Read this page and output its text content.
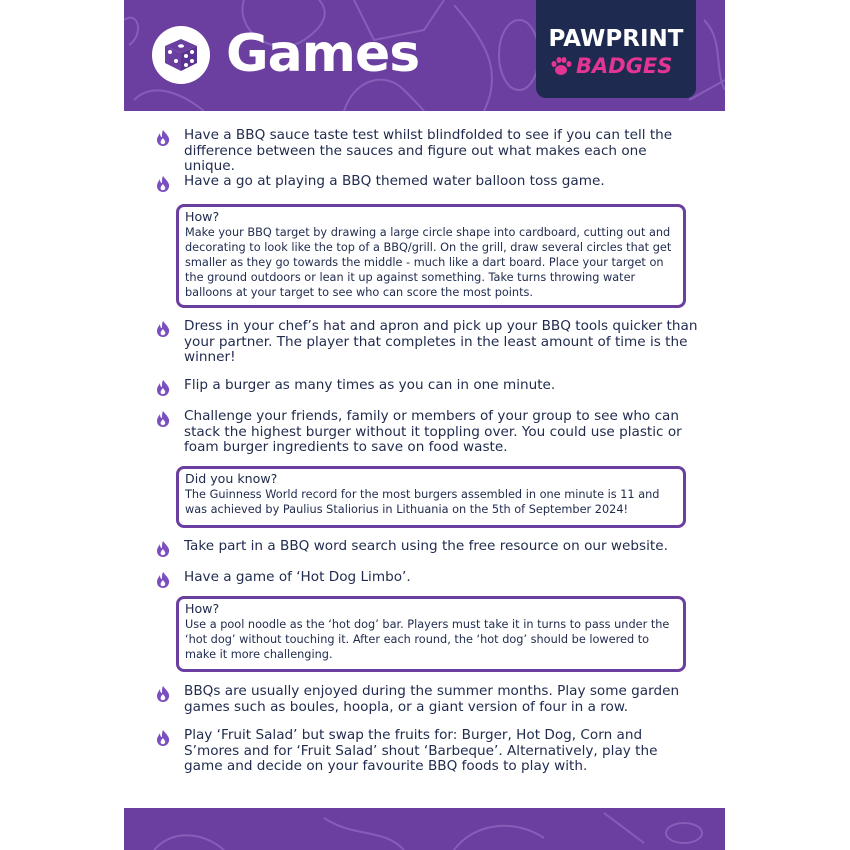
Games	PAWPRINT
BADGES
Have a BBQ sauce taste test whilst blindfolded to see if you can tell the difference between the sauces and figure out what makes each one unique.
Have a go at playing a BBQ themed water balloon toss game.
How?
Make your BBQ target by drawing a large circle shape into cardboard, cutting out and decorating to look like the top of a BBQ/grill. On the grill, draw several circles that get smaller as they go towards the middle - much like a dart board. Place your target on the ground outdoors or lean it up against something. Take turns throwing water balloons at your target to see who can score the most points.
Dress in your chef’s hat and apron and pick up your BBQ tools quicker than your partner. The player that completes in the least amount of time is the winner!
Flip a burger as many times as you can in one minute.
Challenge your friends, family or members of your group to see who can stack the highest burger without it toppling over. You could use plastic or foam burger ingredients to save on food waste.
Did you know?
The Guinness World record for the most burgers assembled in one minute is 11 and was achieved by Paulius Staliorius in Lithuania on the 5th of September 2024!
Take part in a BBQ word search using the free resource on our website.
Have a game of ‘Hot Dog Limbo’.
How?
Use a pool noodle as the ‘hot dog’ bar. Players must take it in turns to pass under the ‘hot dog’ without touching it. After each round, the ‘hot dog’ should be lowered to make it more challenging.
BBQs are usually enjoyed during the summer months. Play some garden games such as boules, hoopla, or a giant version of four in a row.
Play ‘Fruit Salad’ but swap the fruits for: Burger, Hot Dog, Corn and S’mores and for ‘Fruit Salad’ shout ‘Barbeque’. Alternatively, play the game and decide on your favourite BBQ foods to play with.
